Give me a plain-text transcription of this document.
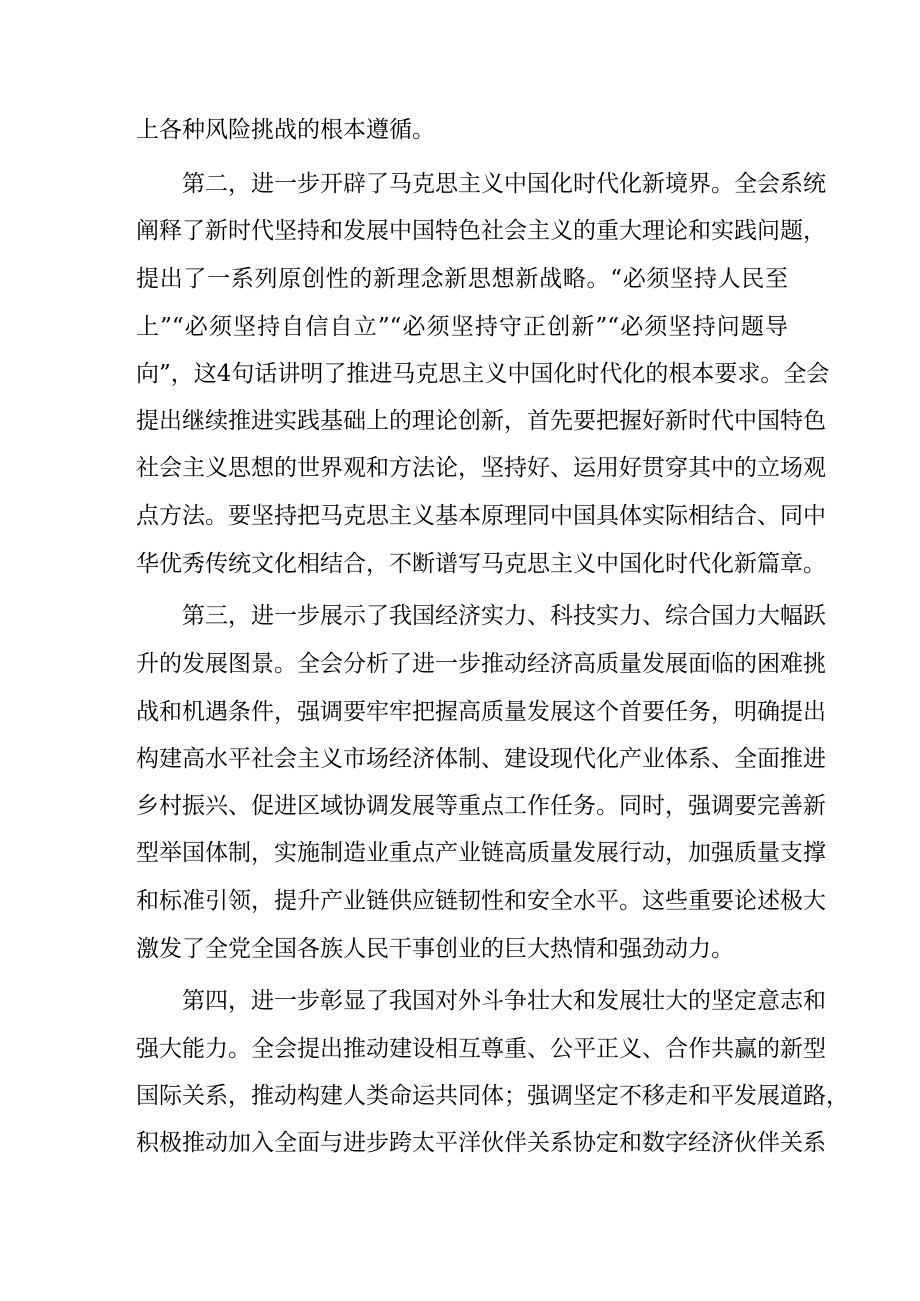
上各种风险挑战的根本遵循。
第二，进一步开辟了马克思主义中国化时代化新境界。全会系统
阐释了新时代坚持和发展中国特色社会主义的重大理论和实践问题，
提出了一系列原创性的新理念新思想新战略。“必须坚持人民至
上”“必须坚持自信自立”“必须坚持守正创新”“必须坚持问题导
向”，这4句话讲明了推进马克思主义中国化时代化的根本要求。全会
提出继续推进实践基础上的理论创新，首先要把握好新时代中国特色
社会主义思想的世界观和方法论，坚持好、运用好贯穿其中的立场观
点方法。要坚持把马克思主义基本原理同中国具体实际相结合、同中
华优秀传统文化相结合，不断谱写马克思主义中国化时代化新篇章。
第三，进一步展示了我国经济实力、科技实力、综合国力大幅跃
升的发展图景。全会分析了进一步推动经济高质量发展面临的困难挑
战和机遇条件，强调要牢牢把握高质量发展这个首要任务，明确提出
构建高水平社会主义市场经济体制、建设现代化产业体系、全面推进
乡村振兴、促进区域协调发展等重点工作任务。同时，强调要完善新
型举国体制，实施制造业重点产业链高质量发展行动，加强质量支撑
和标准引领，提升产业链供应链韧性和安全水平。这些重要论述极大
激发了全党全国各族人民干事创业的巨大热情和强劲动力。
第四，进一步彰显了我国对外斗争壮大和发展壮大的坚定意志和
强大能力。全会提出推动建设相互尊重、公平正义、合作共赢的新型
国际关系，推动构建人类命运共同体；强调坚定不移走和平发展道路，
积极推动加入全面与进步跨太平洋伙伴关系协定和数字经济伙伴关系
